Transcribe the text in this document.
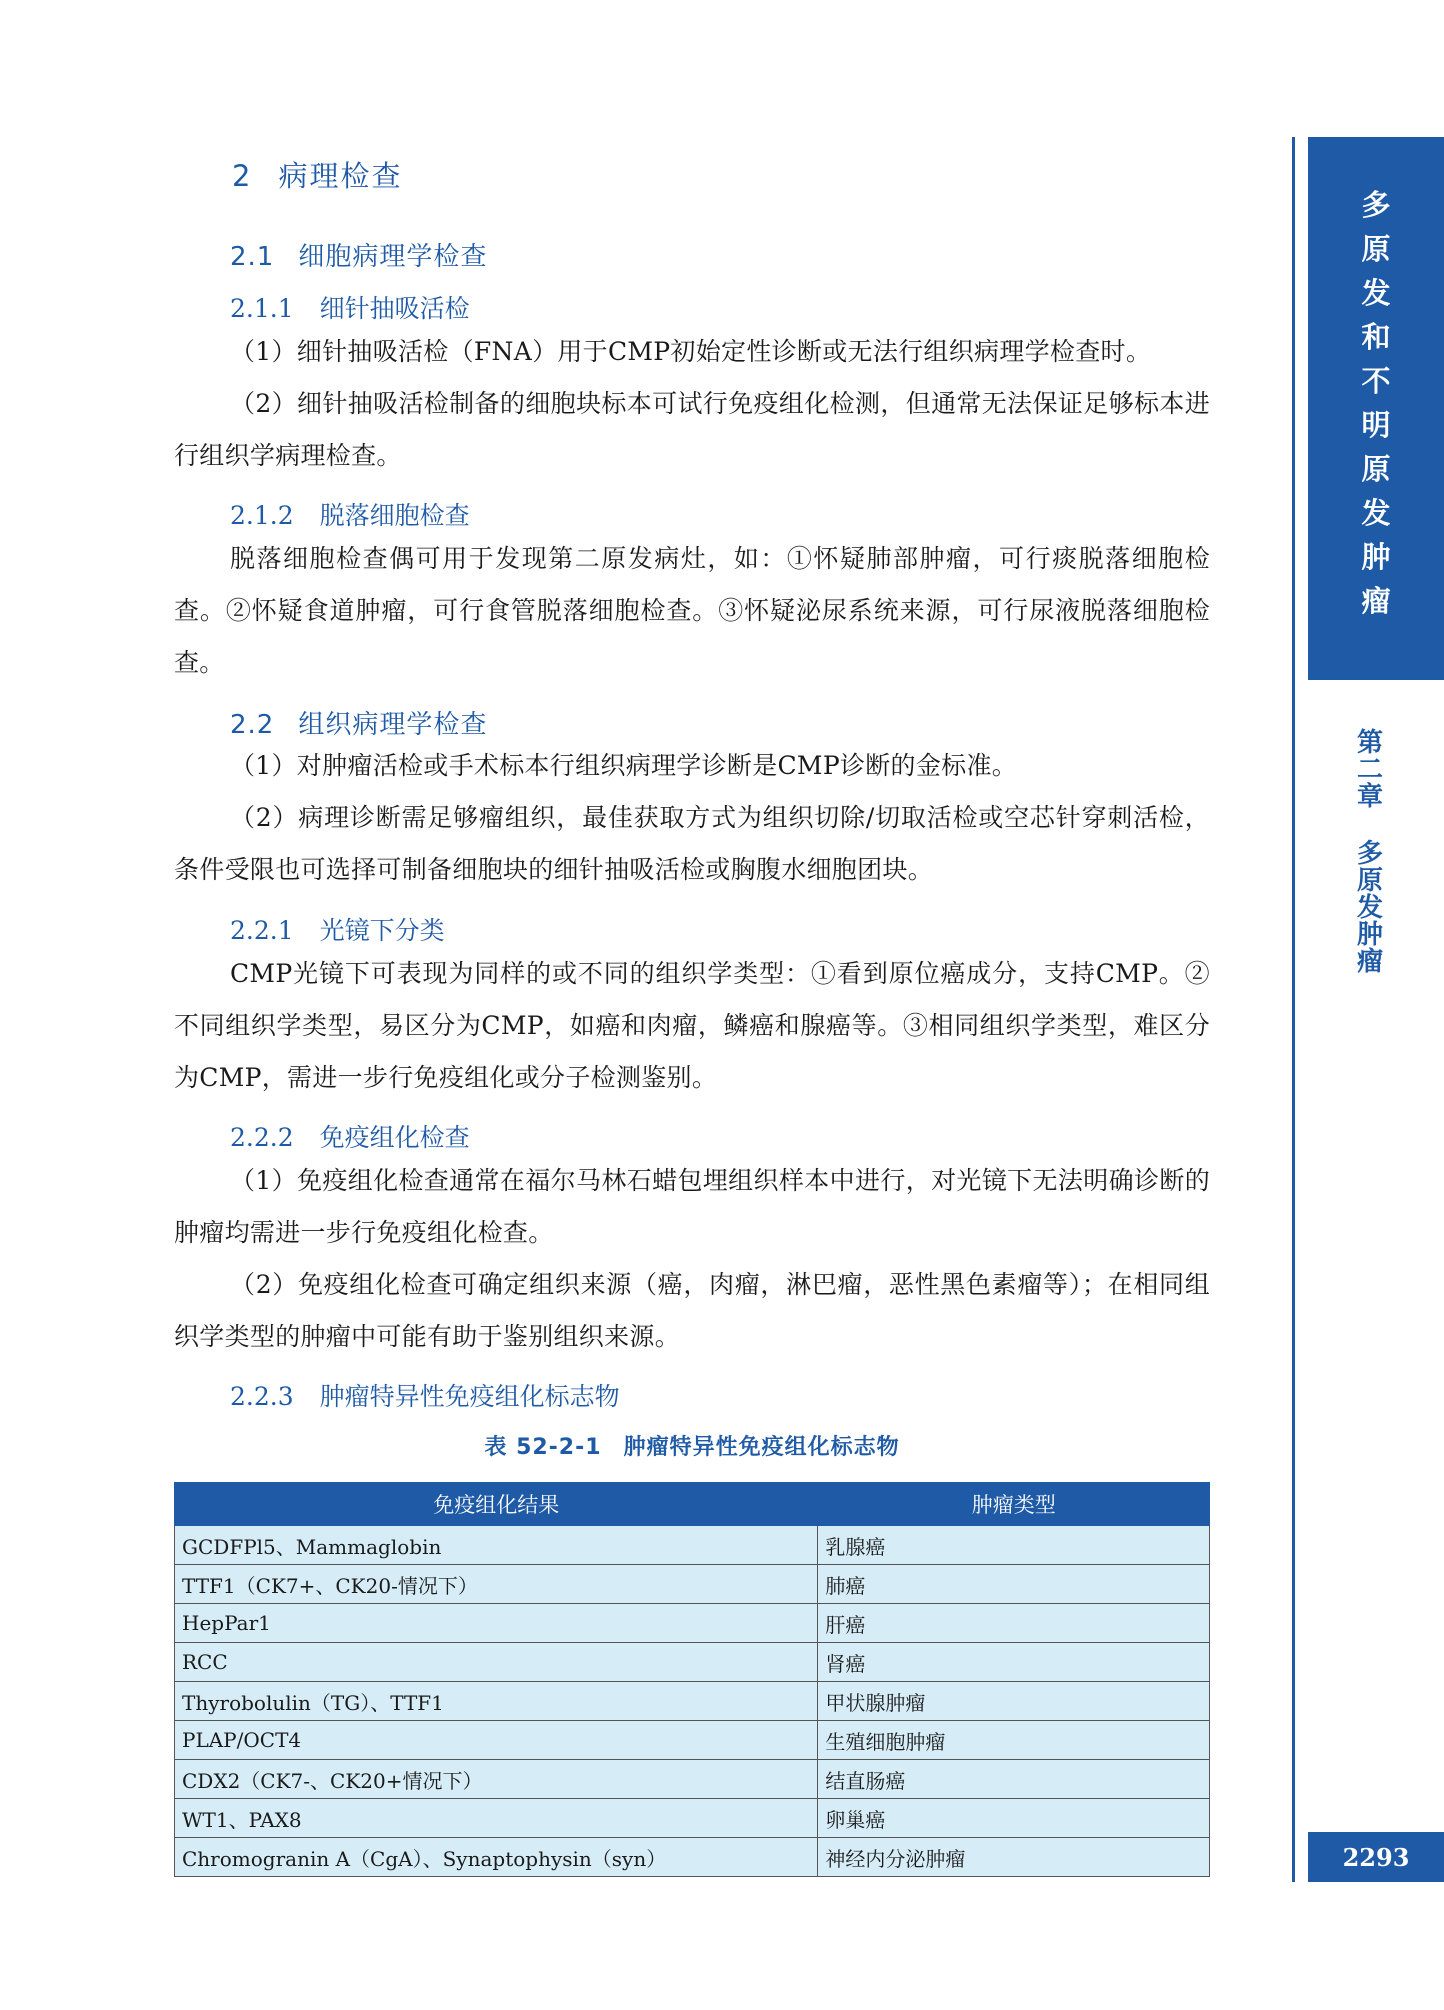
2 病理检查
2.1 细胞病理学检查
2.1.1 细针抽吸活检
（1）细针抽吸活检（FNA）用于CMP初始定性诊断或无法行组织病理学检查时。
（2）细针抽吸活检制备的细胞块标本可试行免疫组化检测，但通常无法保证足够标本进行组织学病理检查。
2.1.2 脱落细胞检查
脱落细胞检查偶可用于发现第二原发病灶，如：①怀疑肺部肿瘤，可行痰脱落细胞检查。②怀疑食道肿瘤，可行食管脱落细胞检查。③怀疑泌尿系统来源，可行尿液脱落细胞检查。
2.2 组织病理学检查
（1）对肿瘤活检或手术标本行组织病理学诊断是CMP诊断的金标准。
（2）病理诊断需足够瘤组织，最佳获取方式为组织切除/切取活检或空芯针穿刺活检，条件受限也可选择可制备细胞块的细针抽吸活检或胸腹水细胞团块。
2.2.1 光镜下分类
CMP光镜下可表现为同样的或不同的组织学类型：①看到原位癌成分，支持CMP。②不同组织学类型，易区分为CMP，如癌和肉瘤，鳞癌和腺癌等。③相同组织学类型，难区分为CMP，需进一步行免疫组化或分子检测鉴别。
2.2.2 免疫组化检查
（1）免疫组化检查通常在福尔马林石蜡包埋组织样本中进行，对光镜下无法明确诊断的肿瘤均需进一步行免疫组化检查。
（2）免疫组化检查可确定组织来源（癌，肉瘤，淋巴瘤，恶性黑色素瘤等）；在相同组织学类型的肿瘤中可能有助于鉴别组织来源。
2.2.3 肿瘤特异性免疫组化标志物
表 52-2-1 肿瘤特异性免疫组化标志物
免疫组化结果	肿瘤类型
GCDFPl5、Mammaglobin	乳腺癌
TTF1（CK7+、CK20-情况下）	肺癌
HepPar1	肝癌
RCC	肾癌
Thyrobolulin（TG）、TTF1	甲状腺肿瘤
PLAP/OCT4	生殖细胞肿瘤
CDX2（CK7-、CK20+情况下）	结直肠癌
WT1、PAX8	卵巢癌
Chromogranin A（CgA）、Synaptophysin（syn）	神经内分泌肿瘤
多
原
发
和
不
明
原
发
肿
瘤
第
二
章
多
原
发
肿
瘤
2293
